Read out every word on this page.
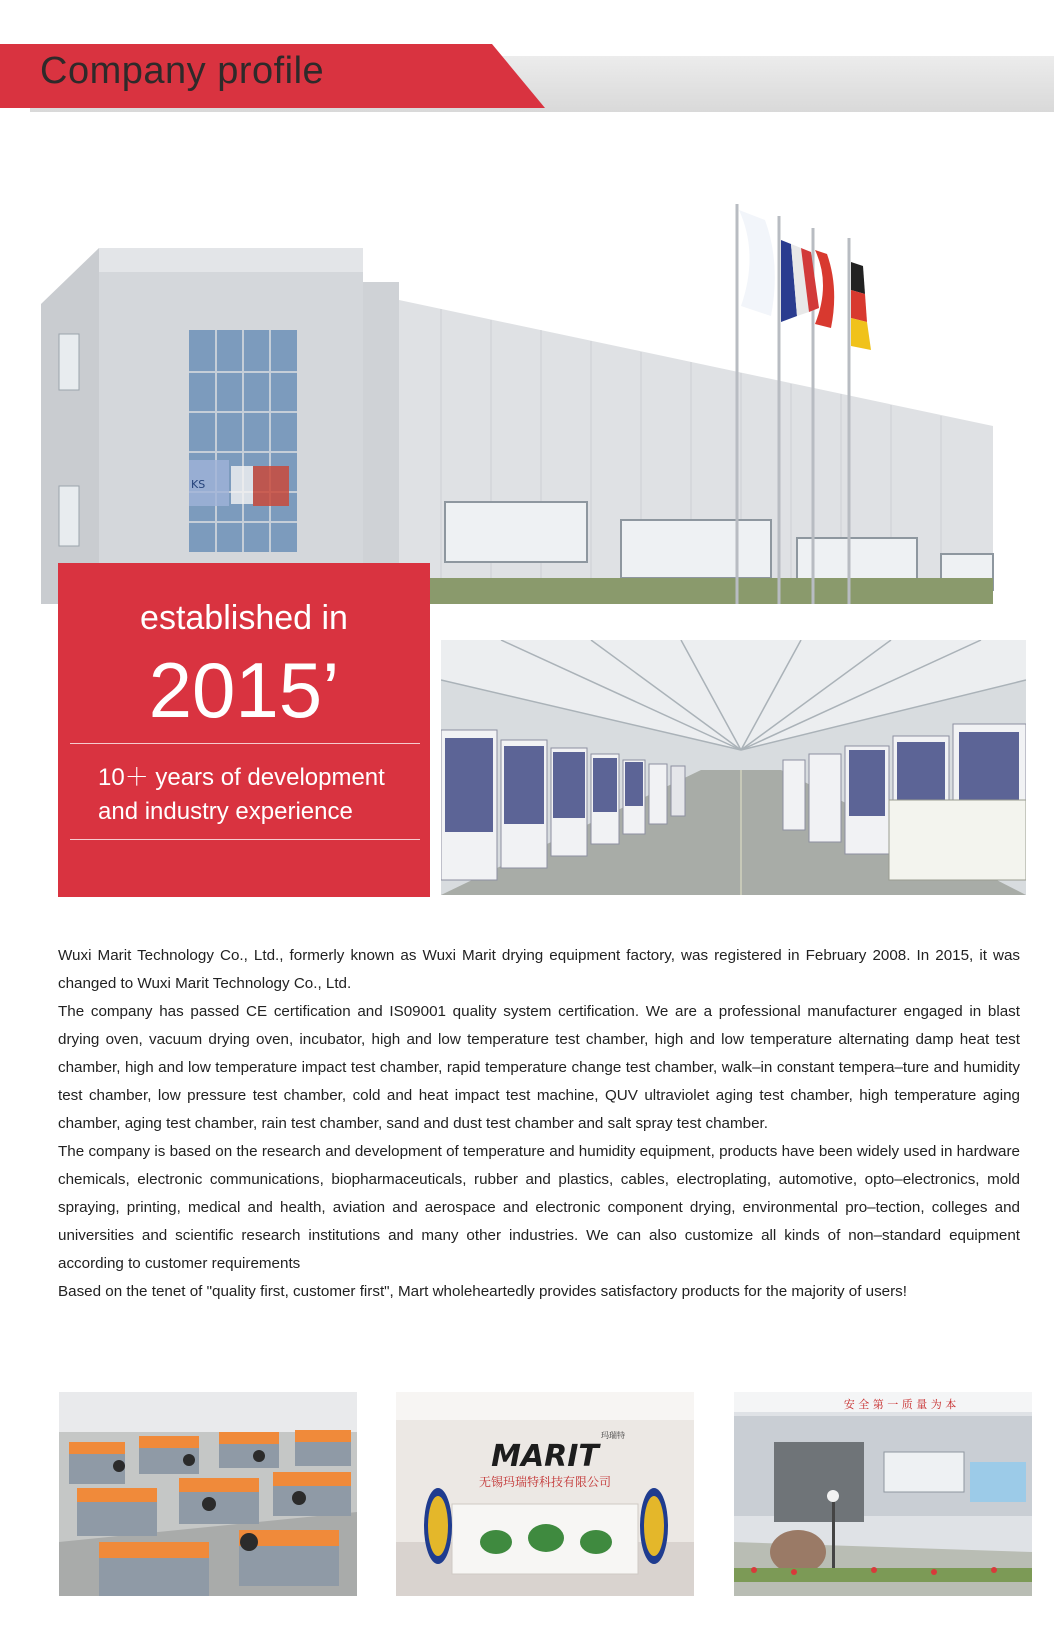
Company profile
KS
established in
2015’
10＋ years of development
and industry experience

Wuxi Marit Technology Co., Ltd., formerly known as Wuxi Marit drying equipment factory, was registered in February 2008. In 2015, it was changed to Wuxi Marit Technology Co., Ltd.

The company has passed CE certification and IS09001 quality system certification. We are a professional manufacturer engaged in blast drying oven, vacuum drying oven, incubator, high and low temperature test chamber, high and low temperature alternating damp heat test chamber, high and low temperature impact test chamber, rapid temperature change test chamber, walk–in constant tempera–ture and humidity test chamber, low pressure test chamber, cold and heat impact test machine, QUV ultraviolet aging test chamber, high temperature aging chamber, aging test chamber, rain test chamber, sand and dust test chamber and salt spray test chamber.

The company is based on the research and development of temperature and humidity equipment, products have been widely used in hardware chemicals, electronic communications, biopharmaceuticals, rubber and plastics, cables, electroplating, automotive, opto–electronics, mold spraying, printing, medical and health, aviation and aerospace and electronic component drying, environmental pro–tection, colleges and universities and scientific research institutions and many other industries. We can also customize all kinds of non–standard equipment according to customer requirements

Based on the tenet of "quality first, customer first", Mart wholeheartedly provides satisfactory products for the majority of users!

MARIT
玛瑞特
无锡玛瑞特科技有限公司
安 全 第 一 质 量 为 本
